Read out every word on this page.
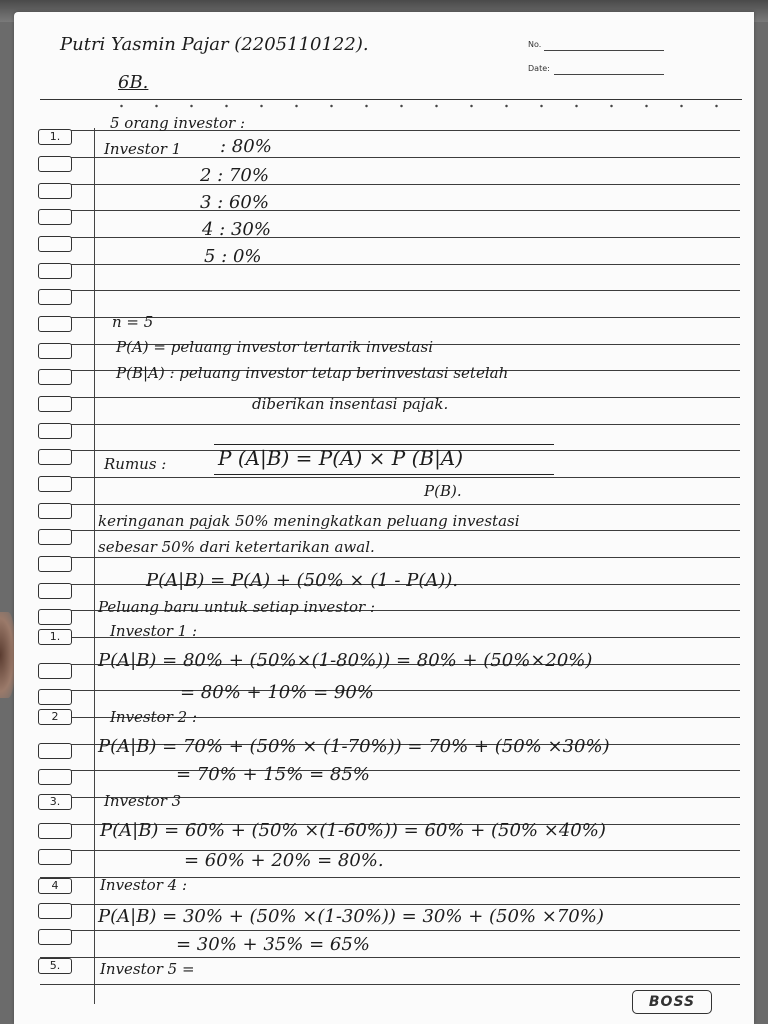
Putri Yasmin Pajar (2205110122).
6B.
No.
Date:
1.
1.
2
3.
4
5.
5 orang investor :
Investor 1 : 80%
2 : 70%
3 : 60%
4 : 30%
5 : 0%
n = 5
P(A) = peluang investor tertarik investasi
P(B|A) : peluang investor tetap berinvestasi setelah
diberikan insentasi pajak.
Rumus :	P (A|B) = P(A) × P (B|A)
P(B).
keringanan pajak 50% meningkatkan peluang investasi
sebesar 50% dari ketertarikan awal.
P(A|B) = P(A) + (50% × (1 - P(A)).
Peluang baru untuk setiap investor :
Investor 1 :
P(A|B) = 80% + (50%×(1-80%)) = 80% + (50%×20%)
= 80% + 10% = 90%
Investor 2 :
P(A|B) = 70% + (50% × (1-70%)) = 70% + (50% ×30%)
= 70% + 15% = 85%
Investor 3
P(A|B) = 60% + (50% ×(1-60%)) = 60% + (50% ×40%)
= 60% + 20% = 80%.
Investor 4 :
P(A|B) = 30% + (50% ×(1-30%)) = 30% + (50% ×70%)
= 30% + 35% = 65%
Investor 5 =
BOSS
